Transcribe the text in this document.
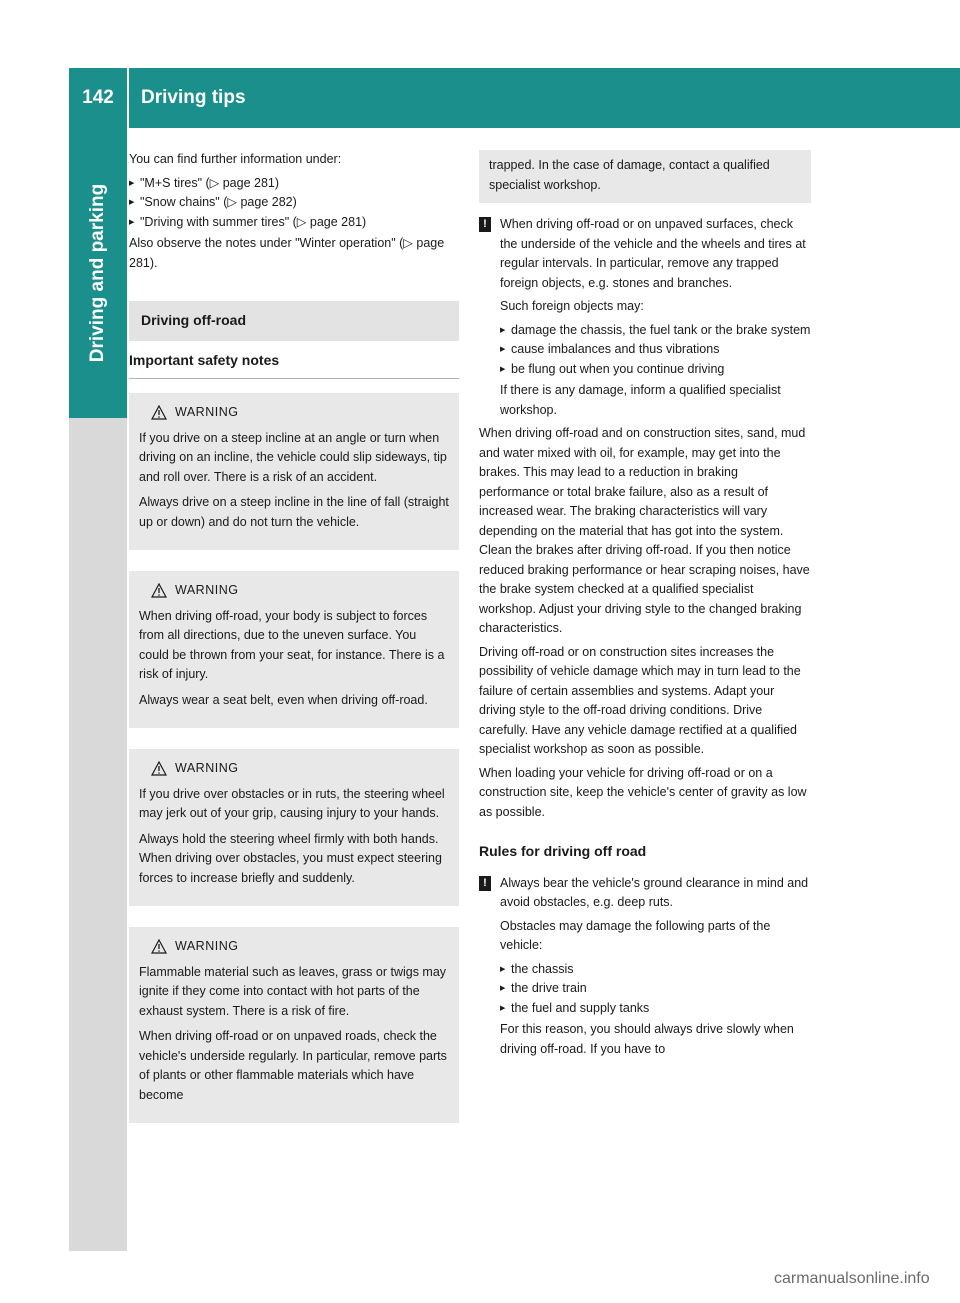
142	Driving tips
Driving and parking

You can find further information under:

▶ "M+S tires" (▷ page 281)
▶ "Snow chains" (▷ page 282)
▶ "Driving with summer tires" (▷ page 281)

Also observe the notes under "Winter operation" (▷ page 281).

Driving off-road
Important safety notes
WARNING

If you drive on a steep incline at an angle or turn when driving on an incline, the vehicle could slip sideways, tip and roll over. There is a risk of an accident.

Always drive on a steep incline in the line of fall (straight up or down) and do not turn the vehicle.

WARNING

When driving off-road, your body is subject to forces from all directions, due to the uneven surface. You could be thrown from your seat, for instance. There is a risk of injury.

Always wear a seat belt, even when driving off-road.

WARNING

If you drive over obstacles or in ruts, the steering wheel may jerk out of your grip, causing injury to your hands.

Always hold the steering wheel firmly with both hands. When driving over obstacles, you must expect steering forces to increase briefly and suddenly.

WARNING

Flammable material such as leaves, grass or twigs may ignite if they come into contact with hot parts of the exhaust system. There is a risk of fire.

When driving off-road or on unpaved roads, check the vehicle's underside regularly. In particular, remove parts of plants or other flammable materials which have become

trapped. In the case of damage, contact a qualified specialist workshop.

!	When driving off-road or on unpaved surfaces, check the underside of the vehicle and the wheels and tires at regular intervals. In particular, remove any trapped foreign objects, e.g. stones and branches.

Such foreign objects may:

▶ damage the chassis, the fuel tank or the brake system
▶ cause imbalances and thus vibrations
▶ be flung out when you continue driving

If there is any damage, inform a qualified specialist workshop.

When driving off-road and on construction sites, sand, mud and water mixed with oil, for example, may get into the brakes. This may lead to a reduction in braking performance or total brake failure, also as a result of increased wear. The braking characteristics will vary depending on the material that has got into the system. Clean the brakes after driving off-road. If you then notice reduced braking performance or hear scraping noises, have the brake system checked at a qualified specialist workshop. Adjust your driving style to the changed braking characteristics.

Driving off-road or on construction sites increases the possibility of vehicle damage which may in turn lead to the failure of certain assemblies and systems. Adapt your driving style to the off-road driving conditions. Drive carefully. Have any vehicle damage rectified at a qualified specialist workshop as soon as possible.

When loading your vehicle for driving off-road or on a construction site, keep the vehicle's center of gravity as low as possible.

Rules for driving off road
!	Always bear the vehicle's ground clearance in mind and avoid obstacles, e.g. deep ruts.

Obstacles may damage the following parts of the vehicle:

▶ the chassis
▶ the drive train
▶ the fuel and supply tanks

For this reason, you should always drive slowly when driving off-road. If you have to

carmanualsonline.info
